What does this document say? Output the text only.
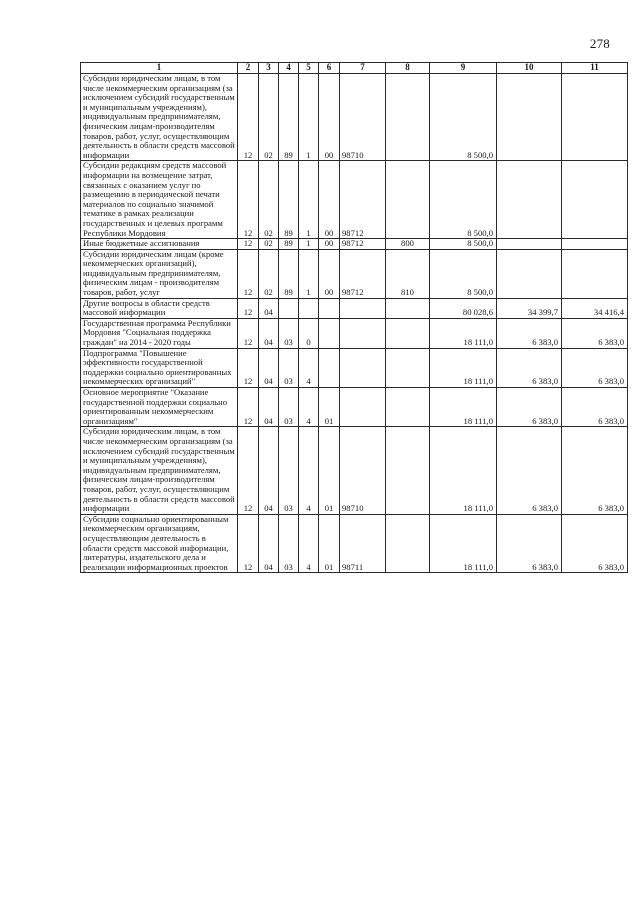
278
1	2	3	4	5	6	7	8	9	10	11

Субсидии юридическим лицам, в том числе некоммерческим организациям (за исключением субсидий государственным и муниципальным учреждениям), индивидуальным предпринимателям, физическим лицам-производителям товаров, работ, услуг, осуществляющим деятельность в области средств массовой информации	12	02	89	1	00	98710		8 500,0		

Субсидии редакциям средств массовой информации на возмещение затрат, связанных с оказанием услуг по размещению в периодической печати материалов по социально значимой тематике в рамках реализации государственных и целевых программ Республики Мордовия	12	02	89	1	00	98712		8 500,0		

Иные бюджетные ассигнования	12	02	89	1	00	98712	800	8 500,0		

Субсидии юридическим лицам (кроме некоммерческих организаций), индивидуальным предпринимателям, физическим лицам - производителям товаров, работ, услуг	12	02	89	1	00	98712	810	8 500,0		

Другие вопросы в области средств массовой информации	12	04						80 028,6	34 399,7	34 416,4

Государственная программа Республики Мордовия "Социальная поддержка граждан" на 2014 - 2020 годы	12	04	03	0				18 111,0	6 383,0	6 383,0

Подпрограмма "Повышение эффективности государственной поддержки социально ориентированных некоммерческих организаций"	12	04	03	4				18 111,0	6 383,0	6 383,0

Основное мероприятие "Оказание государственной поддержки социально ориентированным некоммерческим организациям"	12	04	03	4	01			18 111,0	6 383,0	6 383,0

Субсидии юридическим лицам, в том числе некоммерческим организациям (за исключением субсидий государственным и муниципальным учреждениям), индивидуальным предпринимателям, физическим лицам-производителям товаров, работ, услуг, осуществляющим деятельность в области средств массовой информации	12	04	03	4	01	98710		18 111,0	6 383,0	6 383,0

Субсидии социально ориентированным некоммерческим организациям, осуществляющим деятельность в области средств массовой информации, литературы, издательского дела и реализации информационных проектов	12	04	03	4	01	98711		18 111,0	6 383,0	6 383,0
